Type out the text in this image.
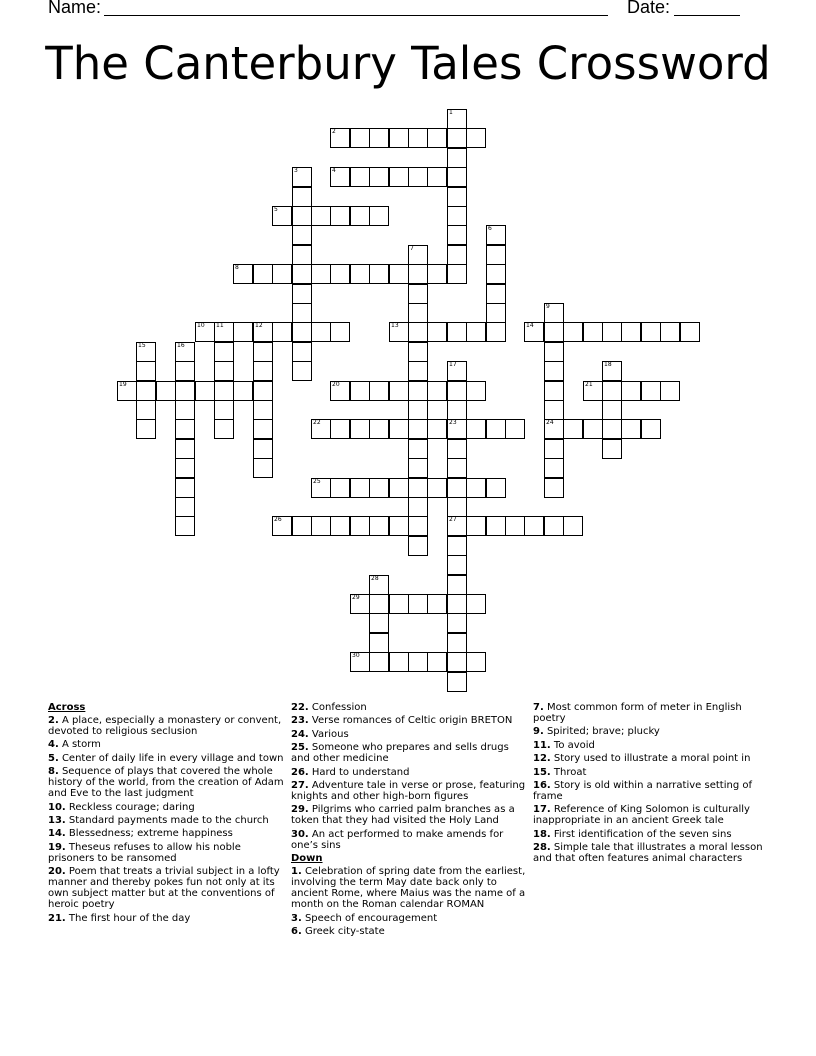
Name:	Date:
The Canterbury Tales Crossword
1
2
3	4
5
6
7
8
9
24
10 11	12	13	14
15	16
17
23
27
18
19	20	21
22
25
26
28
29
30
Across
2. A place, especially a monastery or convent, devoted to religious seclusion
4. A storm
5. Center of daily life in every village and town
8. Sequence of plays that covered the whole history of the world, from the creation of Adam and Eve to the last judgment
10. Reckless courage; daring
13. Standard payments made to the church
14. Blessedness; extreme happiness
19. Theseus refuses to allow his noble prisoners to be ransomed
20. Poem that treats a trivial subject in a lofty manner and thereby pokes fun not only at its own subject matter but at the conventions of heroic poetry
21. The first hour of the day
22. Confession
23. Verse romances of Celtic origin BRETON
24. Various
25. Someone who prepares and sells drugs and other medicine
26. Hard to understand
27. Adventure tale in verse or prose, featuring knights and other high-born figures
29. Pilgrims who carried palm branches as a token that they had visited the Holy Land
30. An act performed to make amends for one’s sins
Down
1. Celebration of spring date from the earliest, involving the term May date back only to ancient Rome, where Maius was the name of a month on the Roman calendar ROMAN
3. Speech of encouragement
6. Greek city-state
7. Most common form of meter in English poetry
9. Spirited; brave; plucky
11. To avoid
12. Story used to illustrate a moral point in
15. Throat
16. Story is old within a narrative setting of frame
17. Reference of King Solomon is culturally inappropriate in an ancient Greek tale
18. First identification of the seven sins
28. Simple tale that illustrates a moral lesson and that often features animal characters
